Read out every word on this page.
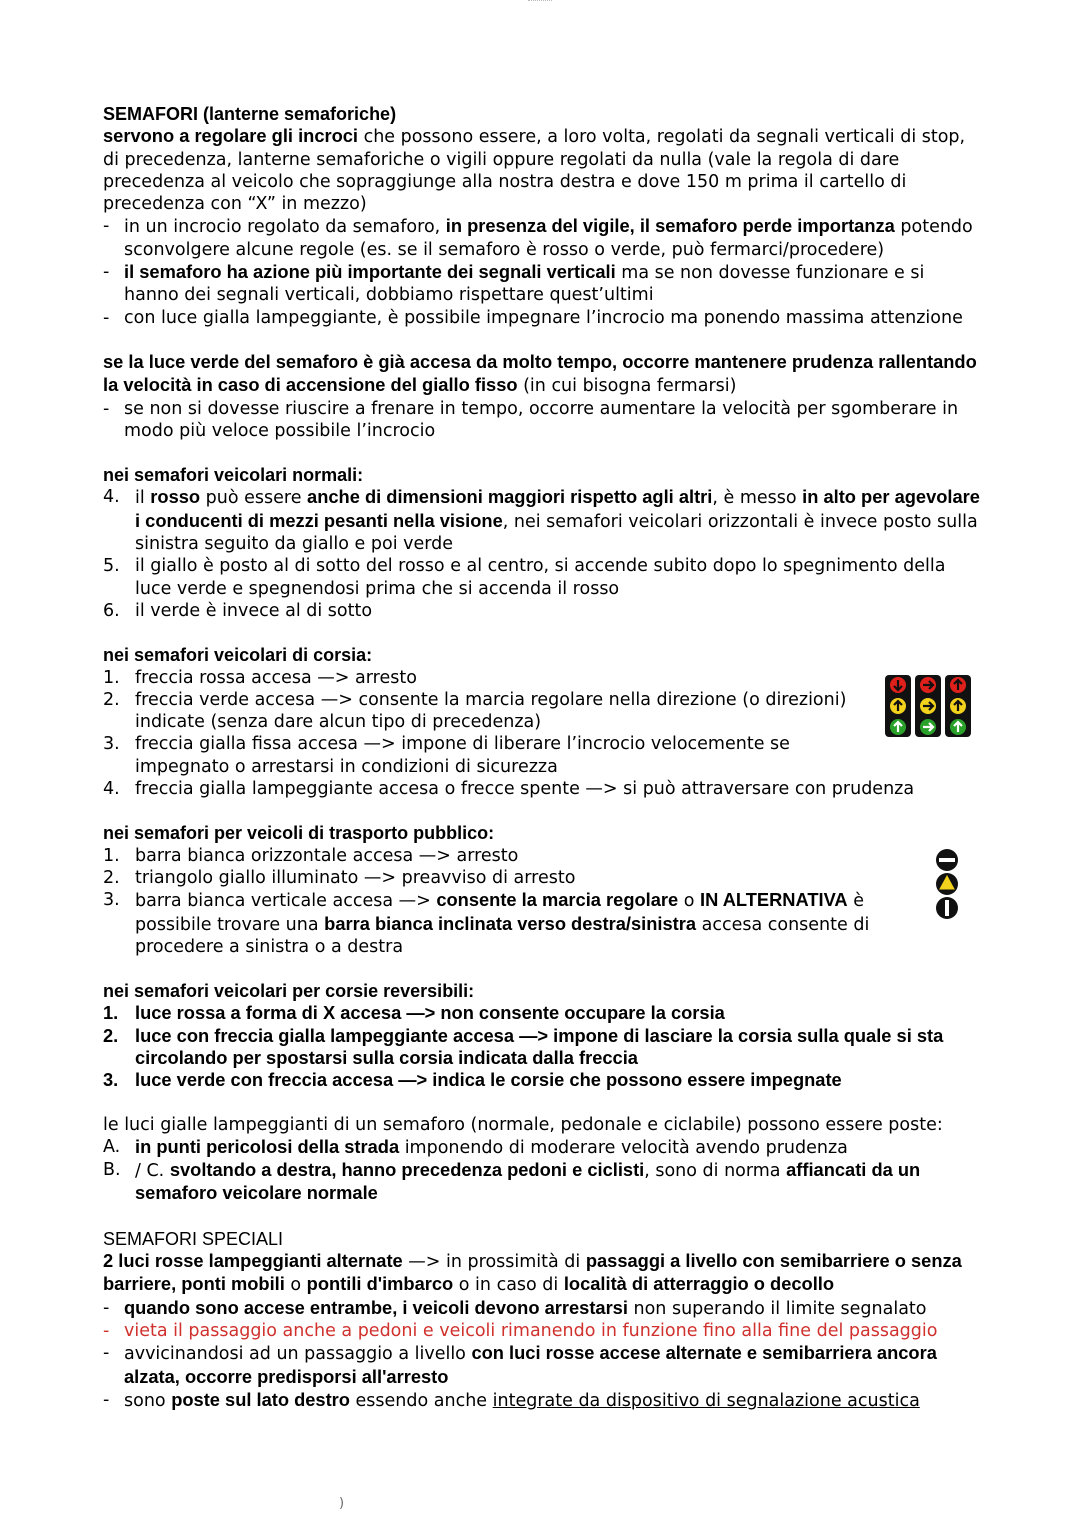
SEMAFORI (lanterne semaforiche)
servono a regolare gli incroci che possono essere, a loro volta, regolati da segnali verticali di stop, di precedenza, lanterne semaforiche o vigili oppure regolati da nulla (vale la regola di dare precedenza al veicolo che sopraggiunge alla nostra destra e dove 150 m prima il cartello di precedenza con “X” in mezzo)
- in un incrocio regolato da semaforo, in presenza del vigile, il semaforo perde importanza potendo sconvolgere alcune regole (es. se il semaforo è rosso o verde, può fermarci/procedere)
- il semaforo ha azione più importante dei segnali verticali ma se non dovesse funzionare e si hanno dei segnali verticali, dobbiamo rispettare quest’ultimi
- con luce gialla lampeggiante, è possibile impegnare l’incrocio ma ponendo massima attenzione
se la luce verde del semaforo è già accesa da molto tempo, occorre mantenere prudenza rallentando la velocità in caso di accensione del giallo fisso (in cui bisogna fermarsi)
- se non si dovesse riuscire a frenare in tempo, occorre aumentare la velocità per sgomberare in modo più veloce possibile l’incrocio
nei semafori veicolari normali:
4. il rosso può essere anche di dimensioni maggiori rispetto agli altri, è messo in alto per agevolare i conducenti di mezzi pesanti nella visione, nei semafori veicolari orizzontali è invece posto sulla sinistra seguito da giallo e poi verde
5. il giallo è posto al di sotto del rosso e al centro, si accende subito dopo lo spegnimento della luce verde e spegnendosi prima che si accenda il rosso
6. il verde è invece al di sotto
nei semafori veicolari di corsia:
1. freccia rossa accesa —> arresto
2. freccia verde accesa —> consente la marcia regolare nella direzione (o direzioni) indicate (senza dare alcun tipo di precedenza)
3. freccia gialla fissa accesa —> impone di liberare l’incrocio velocemente se impegnato o arrestarsi in condizioni di sicurezza
4. freccia gialla lampeggiante accesa o frecce spente —> si può attraversare con prudenza
nei semafori per veicoli di trasporto pubblico:
1. barra bianca orizzontale accesa —> arresto
2. triangolo giallo illuminato —> preavviso di arresto
3. barra bianca verticale accesa —> consente la marcia regolare o IN ALTERNATIVA è possibile trovare una barra bianca inclinata verso destra/sinistra accesa consente di procedere a sinistra o a destra
nei semafori veicolari per corsie reversibili:
1. luce rossa a forma di X accesa —> non consente occupare la corsia
2. luce con freccia gialla lampeggiante accesa —> impone di lasciare la corsia sulla quale si sta circolando per spostarsi sulla corsia indicata dalla freccia
3. luce verde con freccia accesa —> indica le corsie che possono essere impegnate
le luci gialle lampeggianti di un semaforo (normale, pedonale e ciclabile) possono essere poste:
A. in punti pericolosi della strada imponendo di moderare velocità avendo prudenza
B. / C. svoltando a destra, hanno precedenza pedoni e ciclisti, sono di norma affiancati da un semaforo veicolare normale
SEMAFORI SPECIALI
2 luci rosse lampeggianti alternate —> in prossimità di passaggi a livello con semibarriere o senza barriere, ponti mobili o pontili d'imbarco o in caso di località di atterraggio o decollo
- quando sono accese entrambe, i veicoli devono arrestarsi non superando il limite segnalato
- vieta il passaggio anche a pedoni e veicoli rimanendo in funzione fino alla fine del passaggio
- avvicinandosi ad un passaggio a livello con luci rosse accese alternate e semibarriera ancora alzata, occorre predisporsi all'arresto
- sono poste sul lato destro essendo anche integrate da dispositivo di segnalazione acustica
)
